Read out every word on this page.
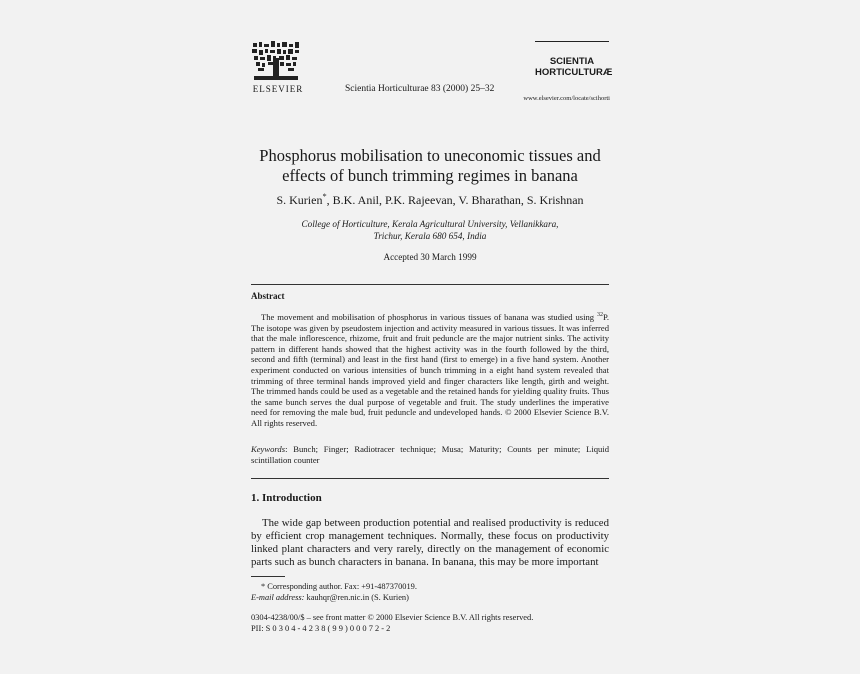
ELSEVIER	Scientia Horticulturae 83 (2000) 25–32
SCIENTIA
HORTICULTURÆ
www.elsevier.com/locate/scihorti
Phosphorus mobilisation to uneconomic tissues and
effects of bunch trimming regimes in banana
S. Kurien*, B.K. Anil, P.K. Rajeevan, V. Bharathan, S. Krishnan
College of Horticulture, Kerala Agricultural University, Vellanikkara,
Trichur, Kerala 680 654, India
Accepted 30 March 1999
Abstract

The movement and mobilisation of phosphorus in various tissues of banana was studied using $^{32}$P. The isotope was given by pseudostem injection and activity measured in various tissues. It was inferred that the male inflorescence, rhizome, fruit and fruit peduncle are the major nutrient sinks. The activity pattern in different hands showed that the highest activity was in the fourth followed by the third, second and fifth (terminal) and least in the first hand (first to emerge) in a five hand system. Another experiment conducted on various intensities of bunch trimming in a eight hand system revealed that trimming of three terminal hands improved yield and finger characters like length, girth and weight. The trimmed hands could be used as a vegetable and the retained hands for yielding quality fruits. Thus the same bunch serves the dual purpose of vegetable and fruit. The study underlines the imperative need for removing the male bud, fruit peduncle and undeveloped hands. © 2000 Elsevier Science B.V. All rights reserved.

Keywords: Bunch; Finger; Radiotracer technique; Musa; Maturity; Counts per minute; Liquid scintillation counter
1. Introduction

The wide gap between production potential and realised productivity is reduced by efficient crop management techniques. Normally, these focus on productivity linked plant characters and very rarely, directly on the management of economic parts such as bunch characters in banana. In banana, this may be more important

* Corresponding author. Fax: +91-487370019.
E-mail address: kauhqr@ren.nic.in (S. Kurien)
0304-4238/00/$ – see front matter © 2000 Elsevier Science B.V. All rights reserved.
PII: S 0 3 0 4 - 4 2 3 8 ( 9 9 ) 0 0 0 7 2 - 2
